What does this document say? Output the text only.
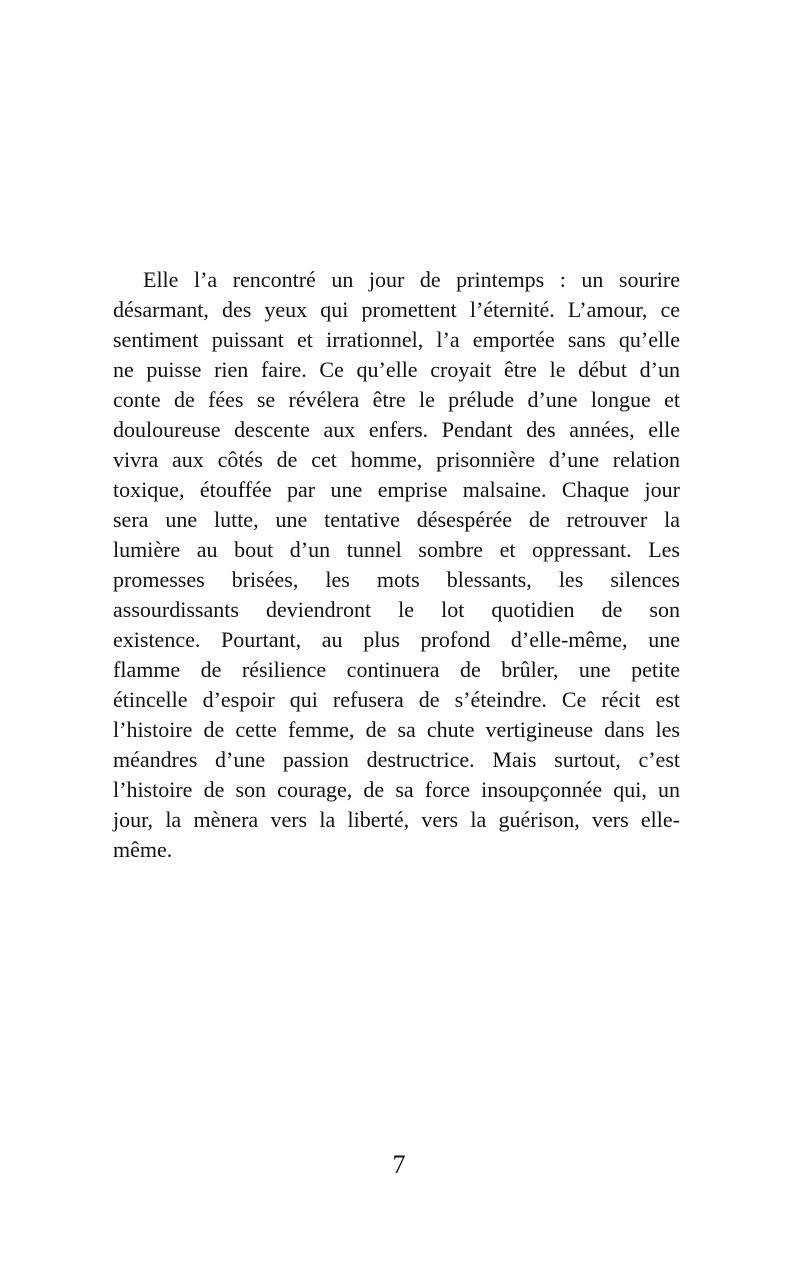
Elle l’a rencontré un jour de printemps : un sourire
désarmant, des yeux qui promettent l’éternité. L’amour, ce
sentiment puissant et irrationnel, l’a emportée sans qu’elle
ne puisse rien faire. Ce qu’elle croyait être le début d’un
conte de fées se révélera être le prélude d’une longue et
douloureuse descente aux enfers. Pendant des années, elle
vivra aux côtés de cet homme, prisonnière d’une relation
toxique, étouffée par une emprise malsaine. Chaque jour
sera une lutte, une tentative désespérée de retrouver la
lumière au bout d’un tunnel sombre et oppressant. Les
promesses brisées, les mots blessants, les silences
assourdissants deviendront le lot quotidien de son
existence. Pourtant, au plus profond d’elle-même, une
flamme de résilience continuera de brûler, une petite
étincelle d’espoir qui refusera de s’éteindre. Ce récit est
l’histoire de cette femme, de sa chute vertigineuse dans les
méandres d’une passion destructrice. Mais surtout, c’est
l’histoire de son courage, de sa force insoupçonnée qui, un
jour, la mènera vers la liberté, vers la guérison, vers elle-
même.
7
